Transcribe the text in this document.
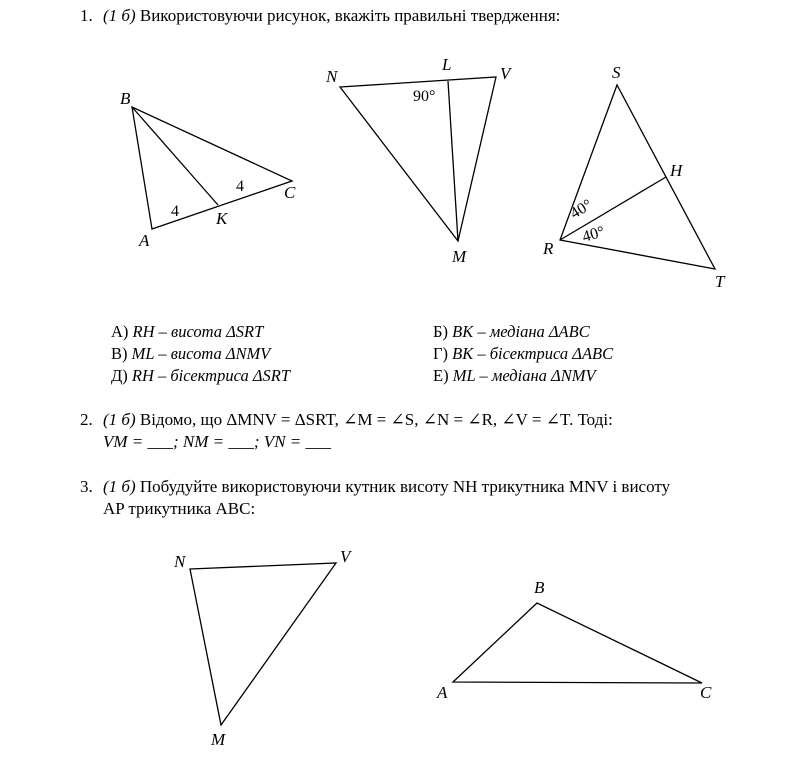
1. (1 б) Використовуючи рисунок, вкажіть правильні твердження:
B
A
K
C
4
4
N
L	V
M
90°
S
H
R
T
40°
40°
N	V
M
B
A	C
А) RH – висота ΔSRT
В) ML – висота ΔNMV
Д) RH – бісектриса ΔSRT
Б) BK – медіана ΔABC
Г) BK – бісектриса ΔABC
Е) ML – медіана ΔNMV
2. (1 б) Відомо, що ΔMNV = ΔSRT, ∠M = ∠S, ∠N = ∠R, ∠V = ∠T. Тоді:
VM = ___; NM = ___; VN = ___
3. (1 б) Побудуйте використовуючи кутник висоту NH трикутника MNV і висоту
AP трикутника ABC:
